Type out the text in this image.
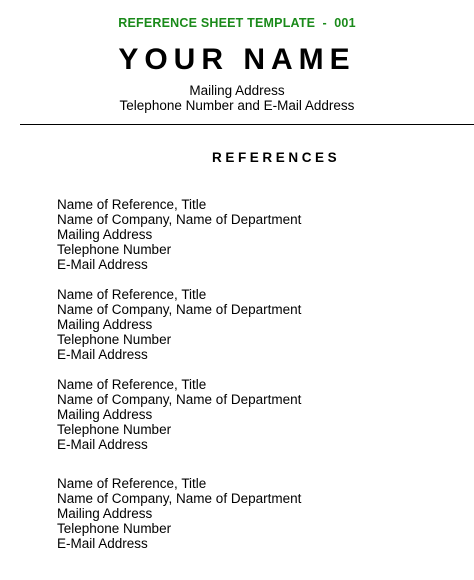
REFERENCE SHEET TEMPLATE  -  001
YOUR NAME
Mailing Address
Telephone Number and E-Mail Address
REFERENCES
Name of Reference, Title
Name of Company, Name of Department
Mailing Address
Telephone Number
E-Mail Address
Name of Reference, Title
Name of Company, Name of Department
Mailing Address
Telephone Number
E-Mail Address
Name of Reference, Title
Name of Company, Name of Department
Mailing Address
Telephone Number
E-Mail Address
Name of Reference, Title
Name of Company, Name of Department
Mailing Address
Telephone Number
E-Mail Address
